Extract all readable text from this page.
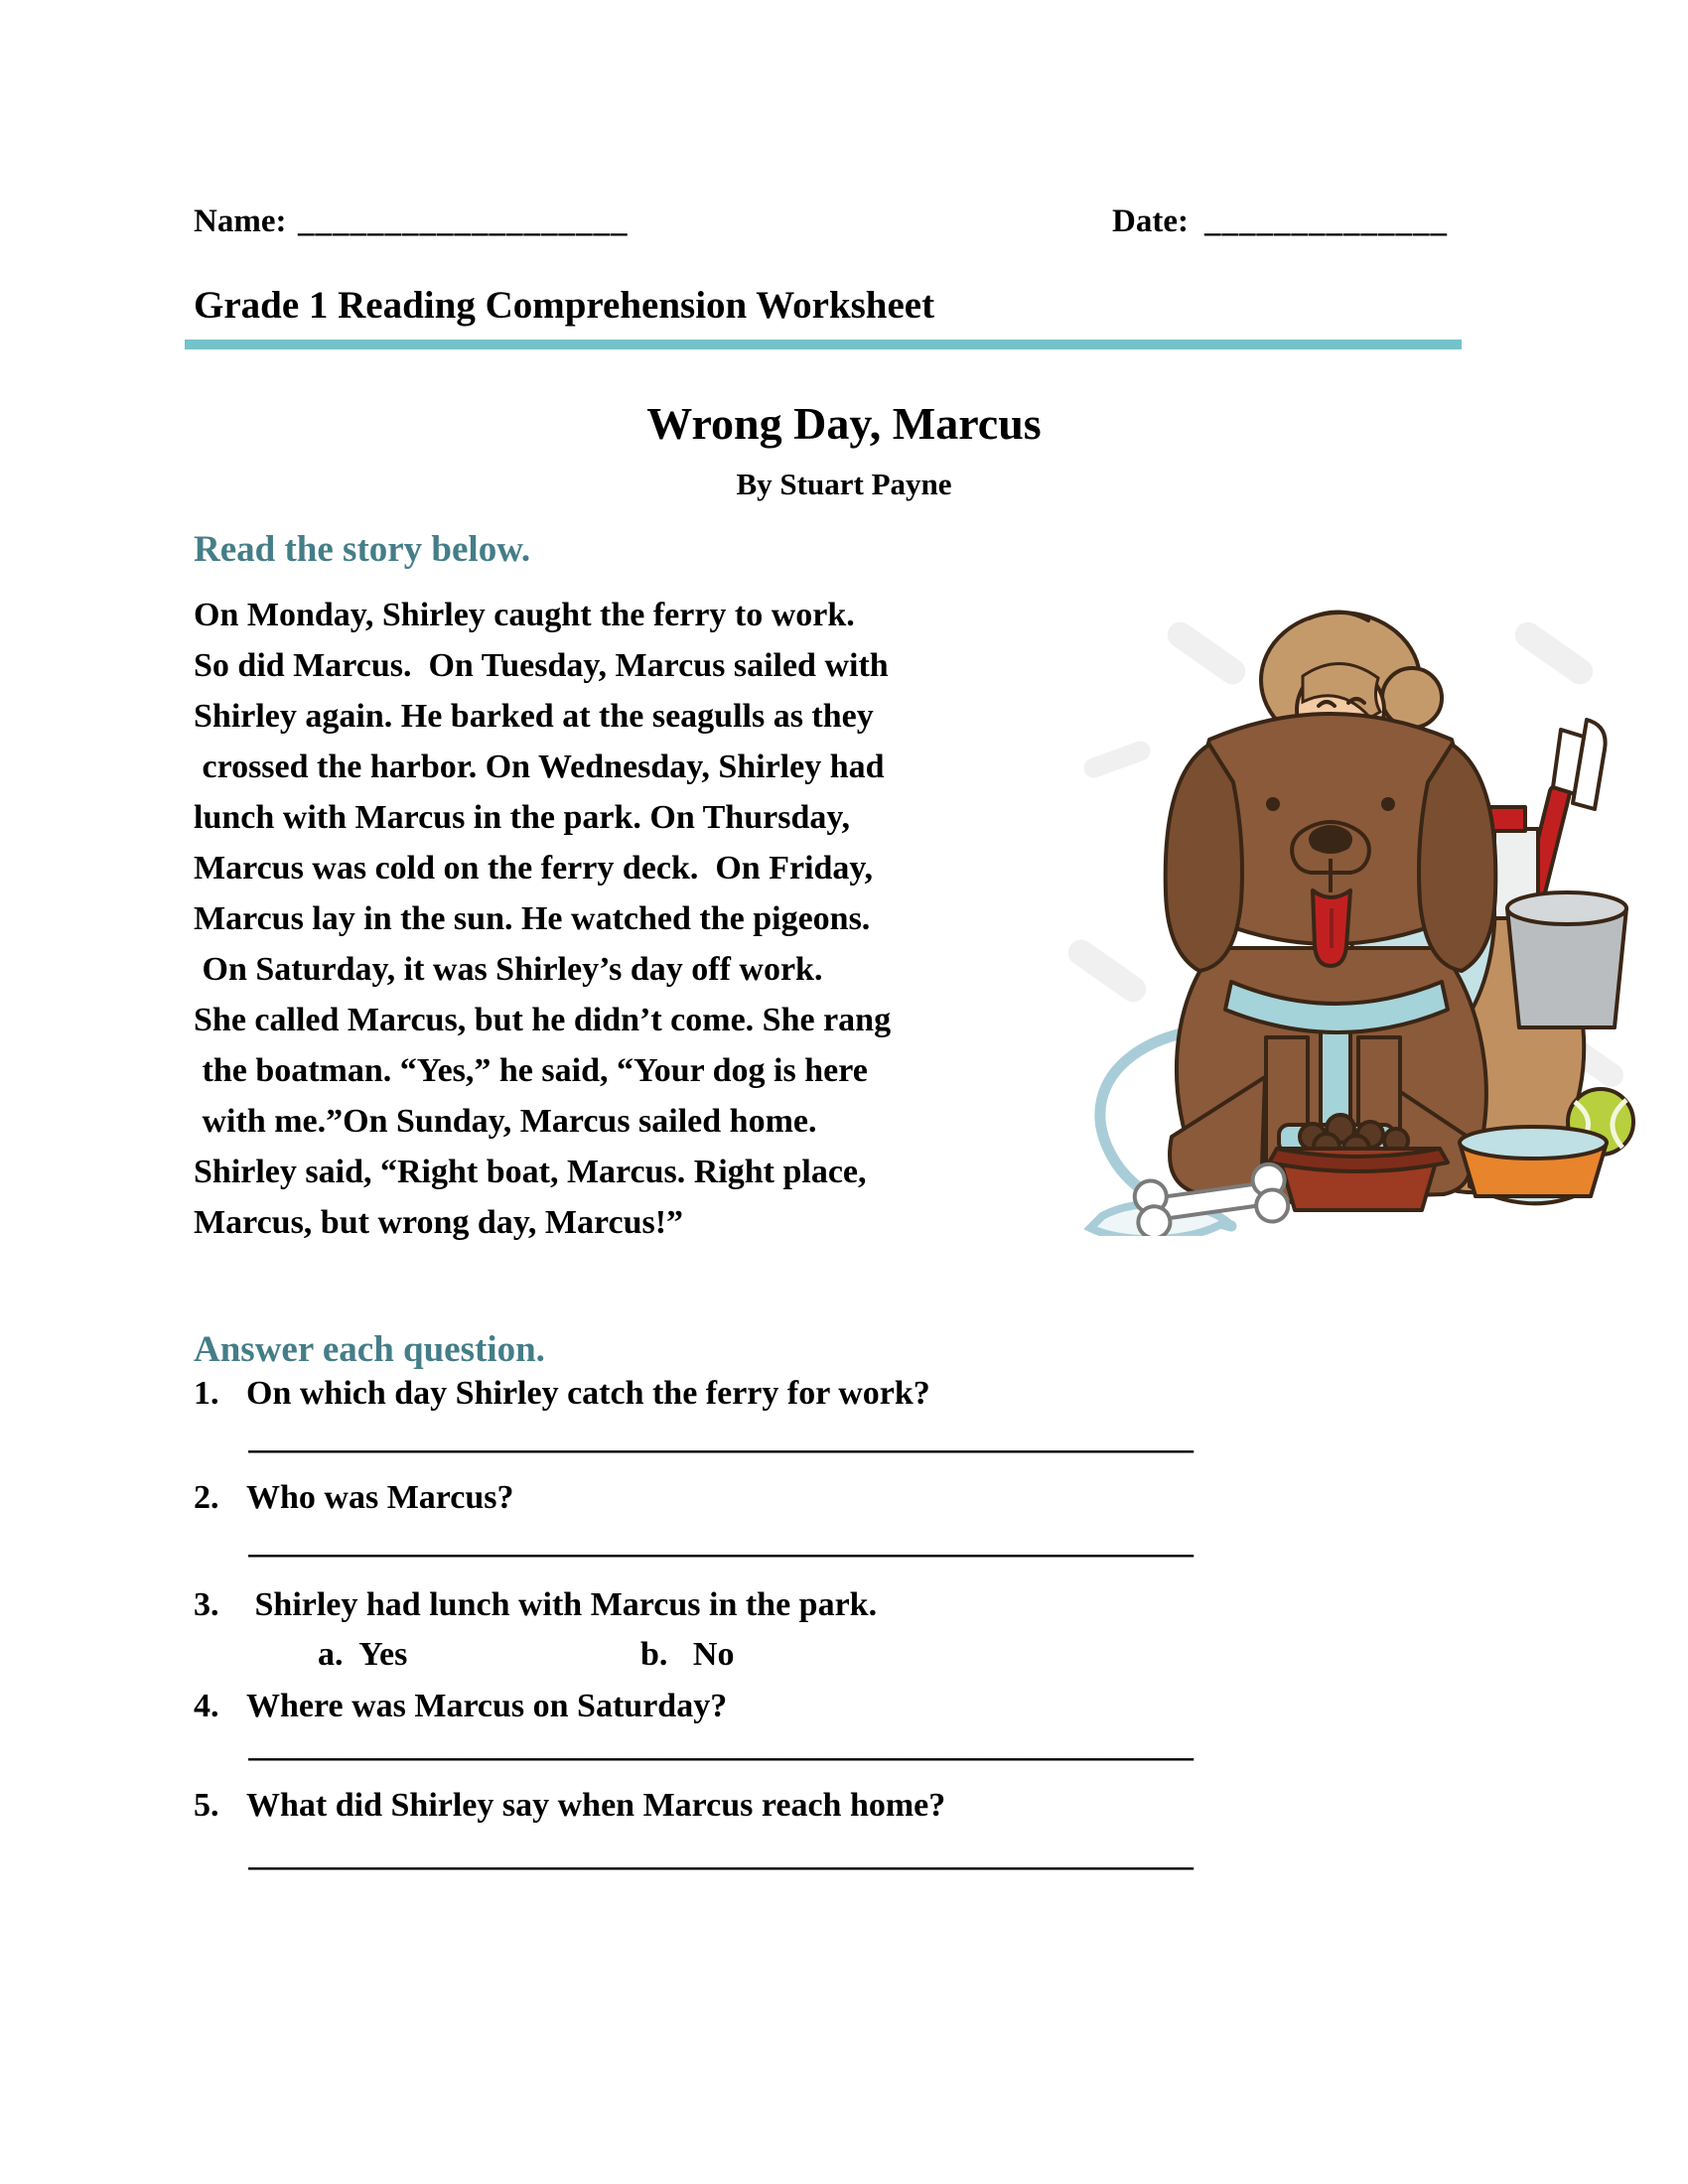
Name: ___________________	Date: ______________
Grade 1 Reading Comprehension Worksheet
Wrong Day, Marcus
By Stuart Payne
Read the story below.
On Monday, Shirley caught the ferry to work.
So did Marcus.  On Tuesday, Marcus sailed with
Shirley again. He barked at the seagulls as they
crossed the harbor. On Wednesday, Shirley had
lunch with Marcus in the park. On Thursday,
Marcus was cold on the ferry deck.  On Friday,
Marcus lay in the sun. He watched the pigeons.
On Saturday, it was Shirley’s day off work.
She called Marcus, but he didn’t come. She rang
the boatman. “Yes,” he said, “Your dog is here
with me.”On Sunday, Marcus sailed home.
Shirley said, “Right boat, Marcus. Right place,
Marcus, but wrong day, Marcus!”
Answer each question.
1. On which day Shirley catch the ferry for work?
________________________________________________________
2. Who was Marcus?
________________________________________________________
3. Shirley had lunch with Marcus in the park.
a.  Yes	b.   No
4. Where was Marcus on Saturday?
________________________________________________________
5. What did Shirley say when Marcus reach home?
________________________________________________________
